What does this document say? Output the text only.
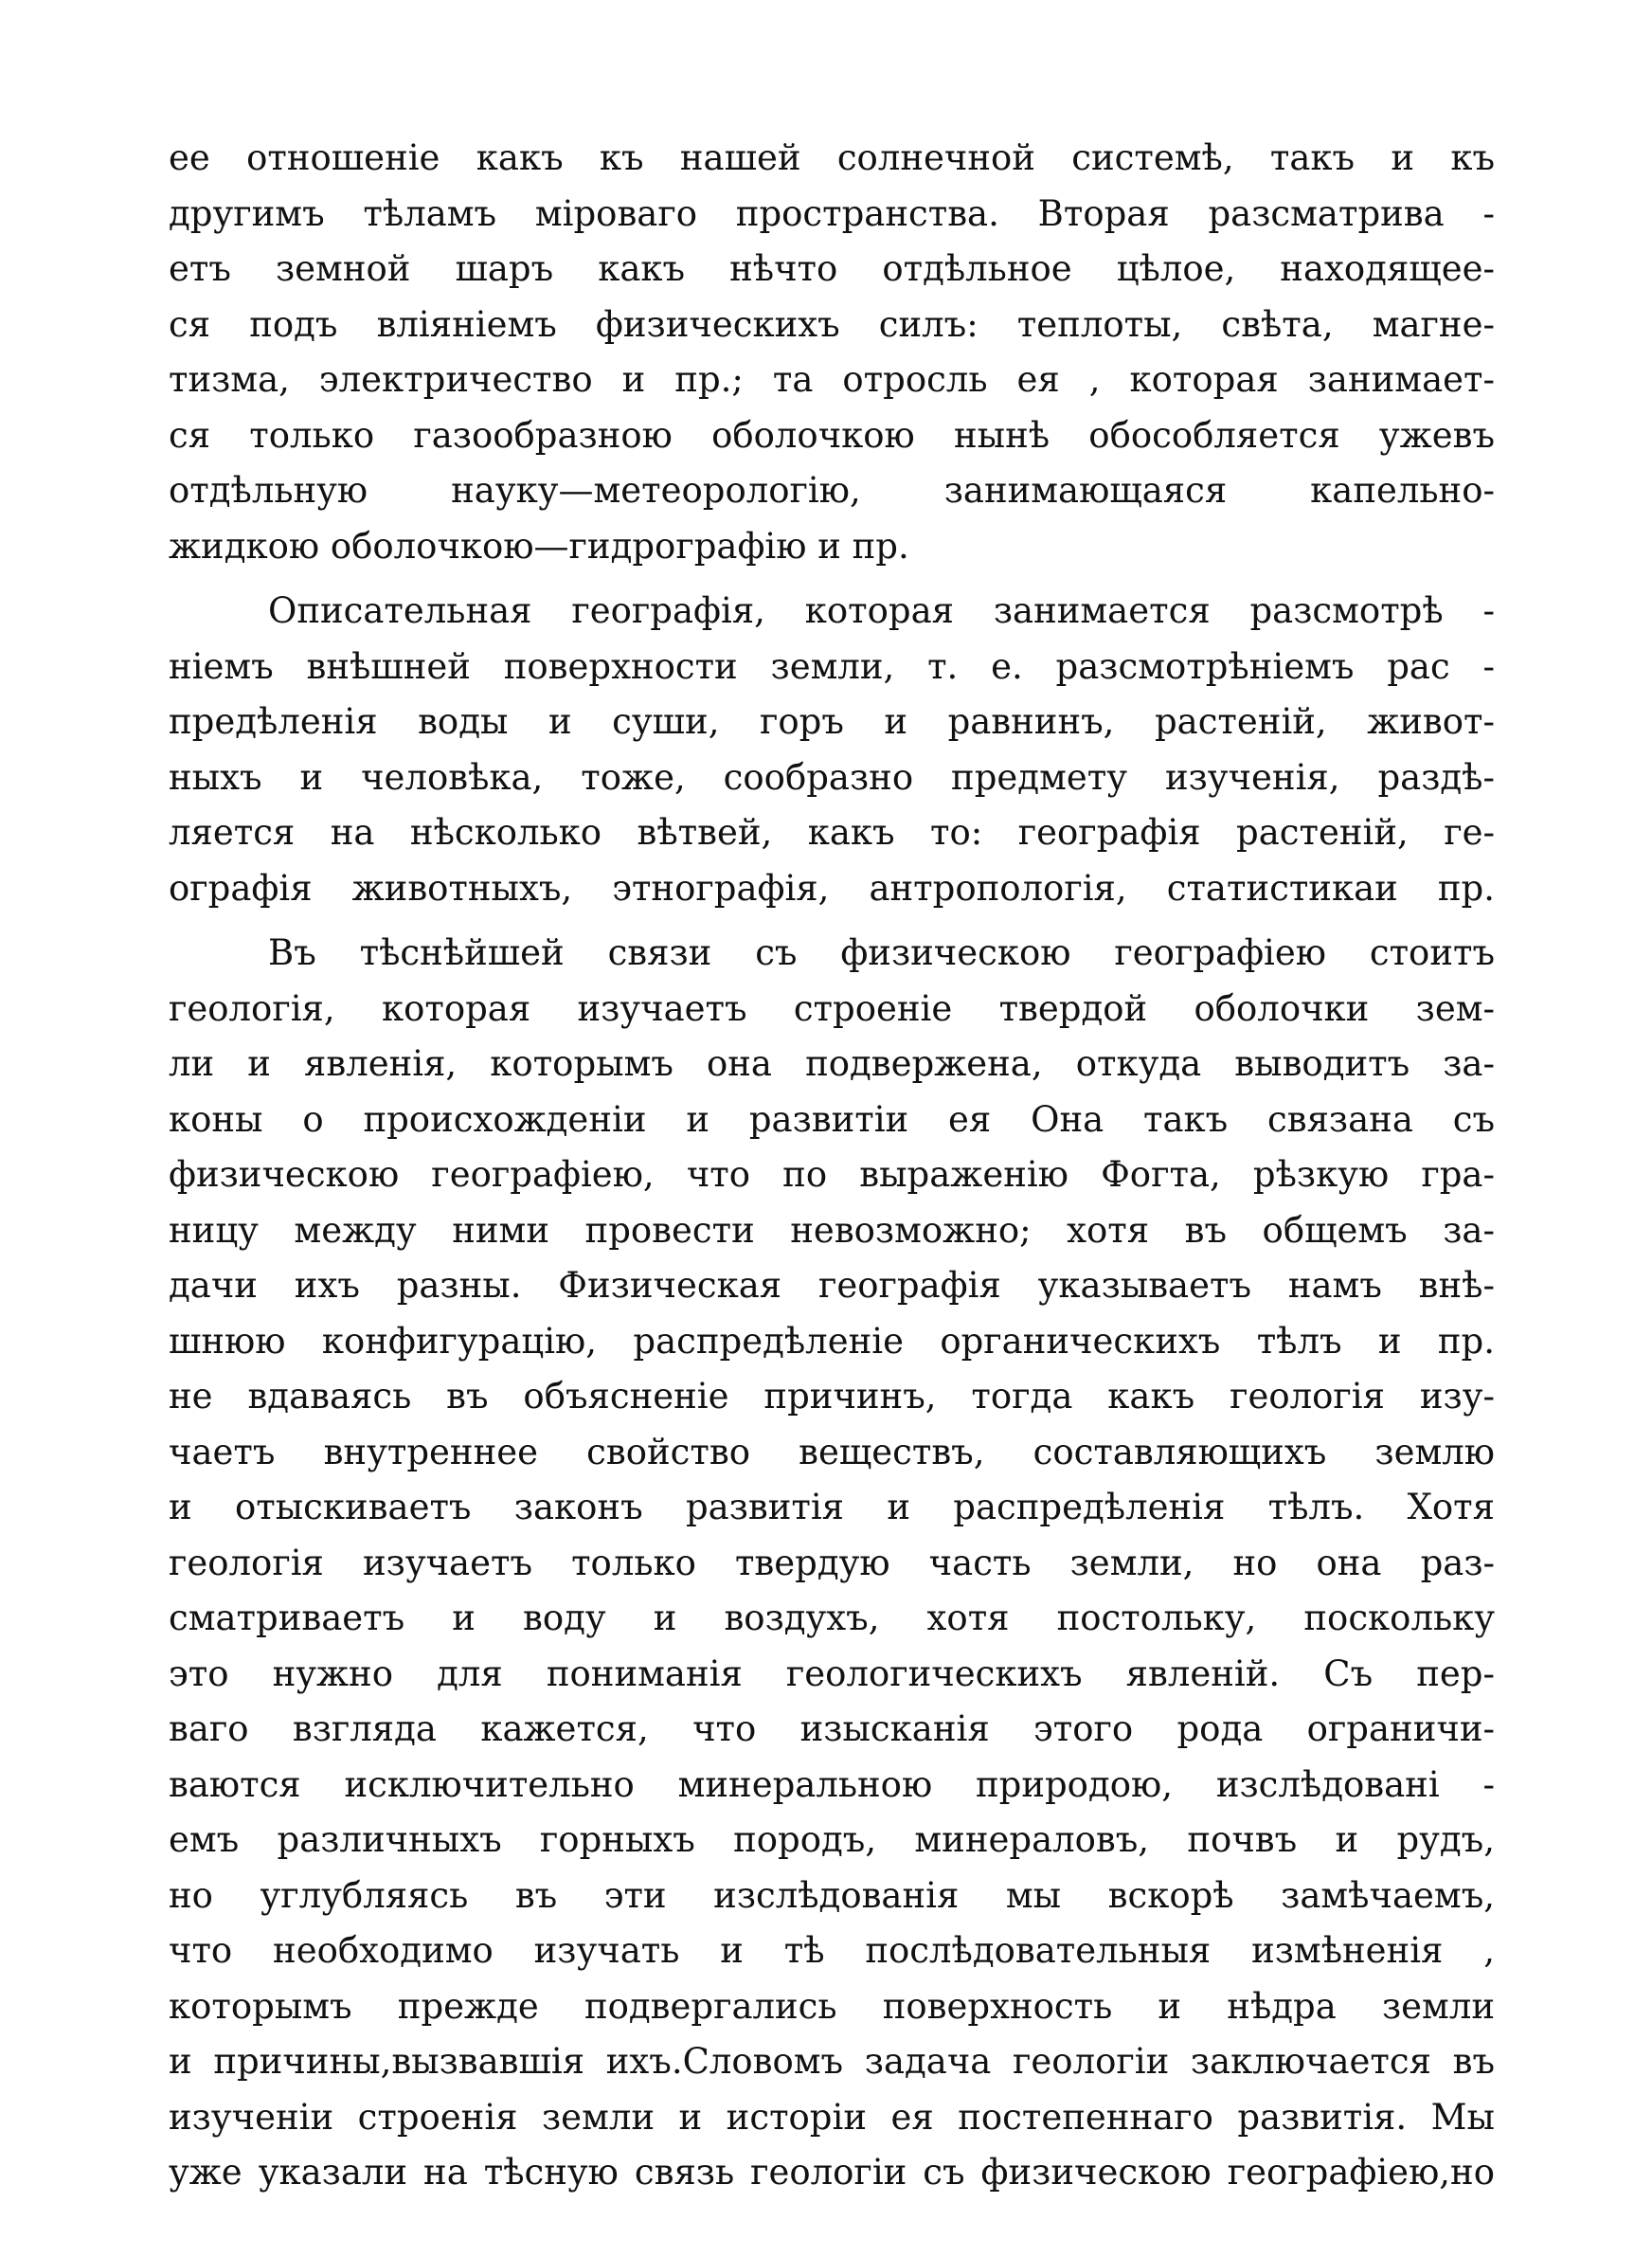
ее отношеніе какъ къ нашей солнечной системѣ, такъ и къ
другимъ тѣламъ міроваго пространства. Вторая разсматрива -
етъ земной шаръ какъ нѣчто отдѣльное цѣлое, находящее-
ся подъ вліяніемъ физическихъ силъ: теплоты, свѣта, магне-
тизма, электричество и пр.; та отросль ея , которая занимает-
ся только газообразною оболочкою нынѣ обособляется ужевъ
отдѣльную науку—метеорологію, занимающаяся капельно-
жидкою оболочкою—гидрографію и пр.
Описательная географія, которая занимается разсмотрѣ -
ніемъ внѣшней поверхности земли, т. е. разсмотрѣніемъ рас -
предѣленія воды и суши, горъ и равнинъ, растеній, живот-
ныхъ и человѣка, тоже, сообразно предмету изученія, раздѣ-
ляется на нѣсколько вѣтвей, какъ то: географія растеній, ге-
ографія животныхъ, этнографія, антропологія, статистикаи пр.
Въ тѣснѣйшей связи съ физическою географіею стоитъ
геологія, которая изучаетъ строеніе твердой оболочки зем-
ли и явленія, которымъ она подвержена, откуда выводитъ за-
коны о происхожденіи и развитіи ея Она такъ связана съ
физическою географіею, что по выраженію Фогта, рѣзкую гра-
ницу между ними провести невозможно; хотя въ общемъ за-
дачи ихъ разны. Физическая географія указываетъ намъ внѣ-
шнюю конфигурацію, распредѣленіе органическихъ тѣлъ и пр.
не вдаваясь въ объясненіе причинъ, тогда какъ геологія изу-
чаетъ внутреннее свойство веществъ, составляющихъ землю
и отыскиваетъ законъ развитія и распредѣленія тѣлъ. Хотя
геологія изучаетъ только твердую часть земли, но она раз-
сматриваетъ и воду и воздухъ, хотя постольку, поскольку
это нужно для пониманія геологическихъ явленій. Съ пер-
ваго взгляда кажется, что изысканія этого рода ограничи-
ваются исключительно минеральною природою, изслѣдовані -
емъ различныхъ горныхъ породъ, минераловъ, почвъ и рудъ,
но углубляясь въ эти изслѣдованія мы вскорѣ замѣчаемъ,
что необходимо изучать и тѣ послѣдовательныя измѣненія ,
которымъ прежде подвергались поверхность и нѣдра земли
и причины,вызвавшія ихъ.Словомъ задача геологіи заключается въ
изученіи строенія земли и исторіи ея постепеннаго развитія. Мы
уже указали на тѣсную связь геологіи съ физическою географіею,но
